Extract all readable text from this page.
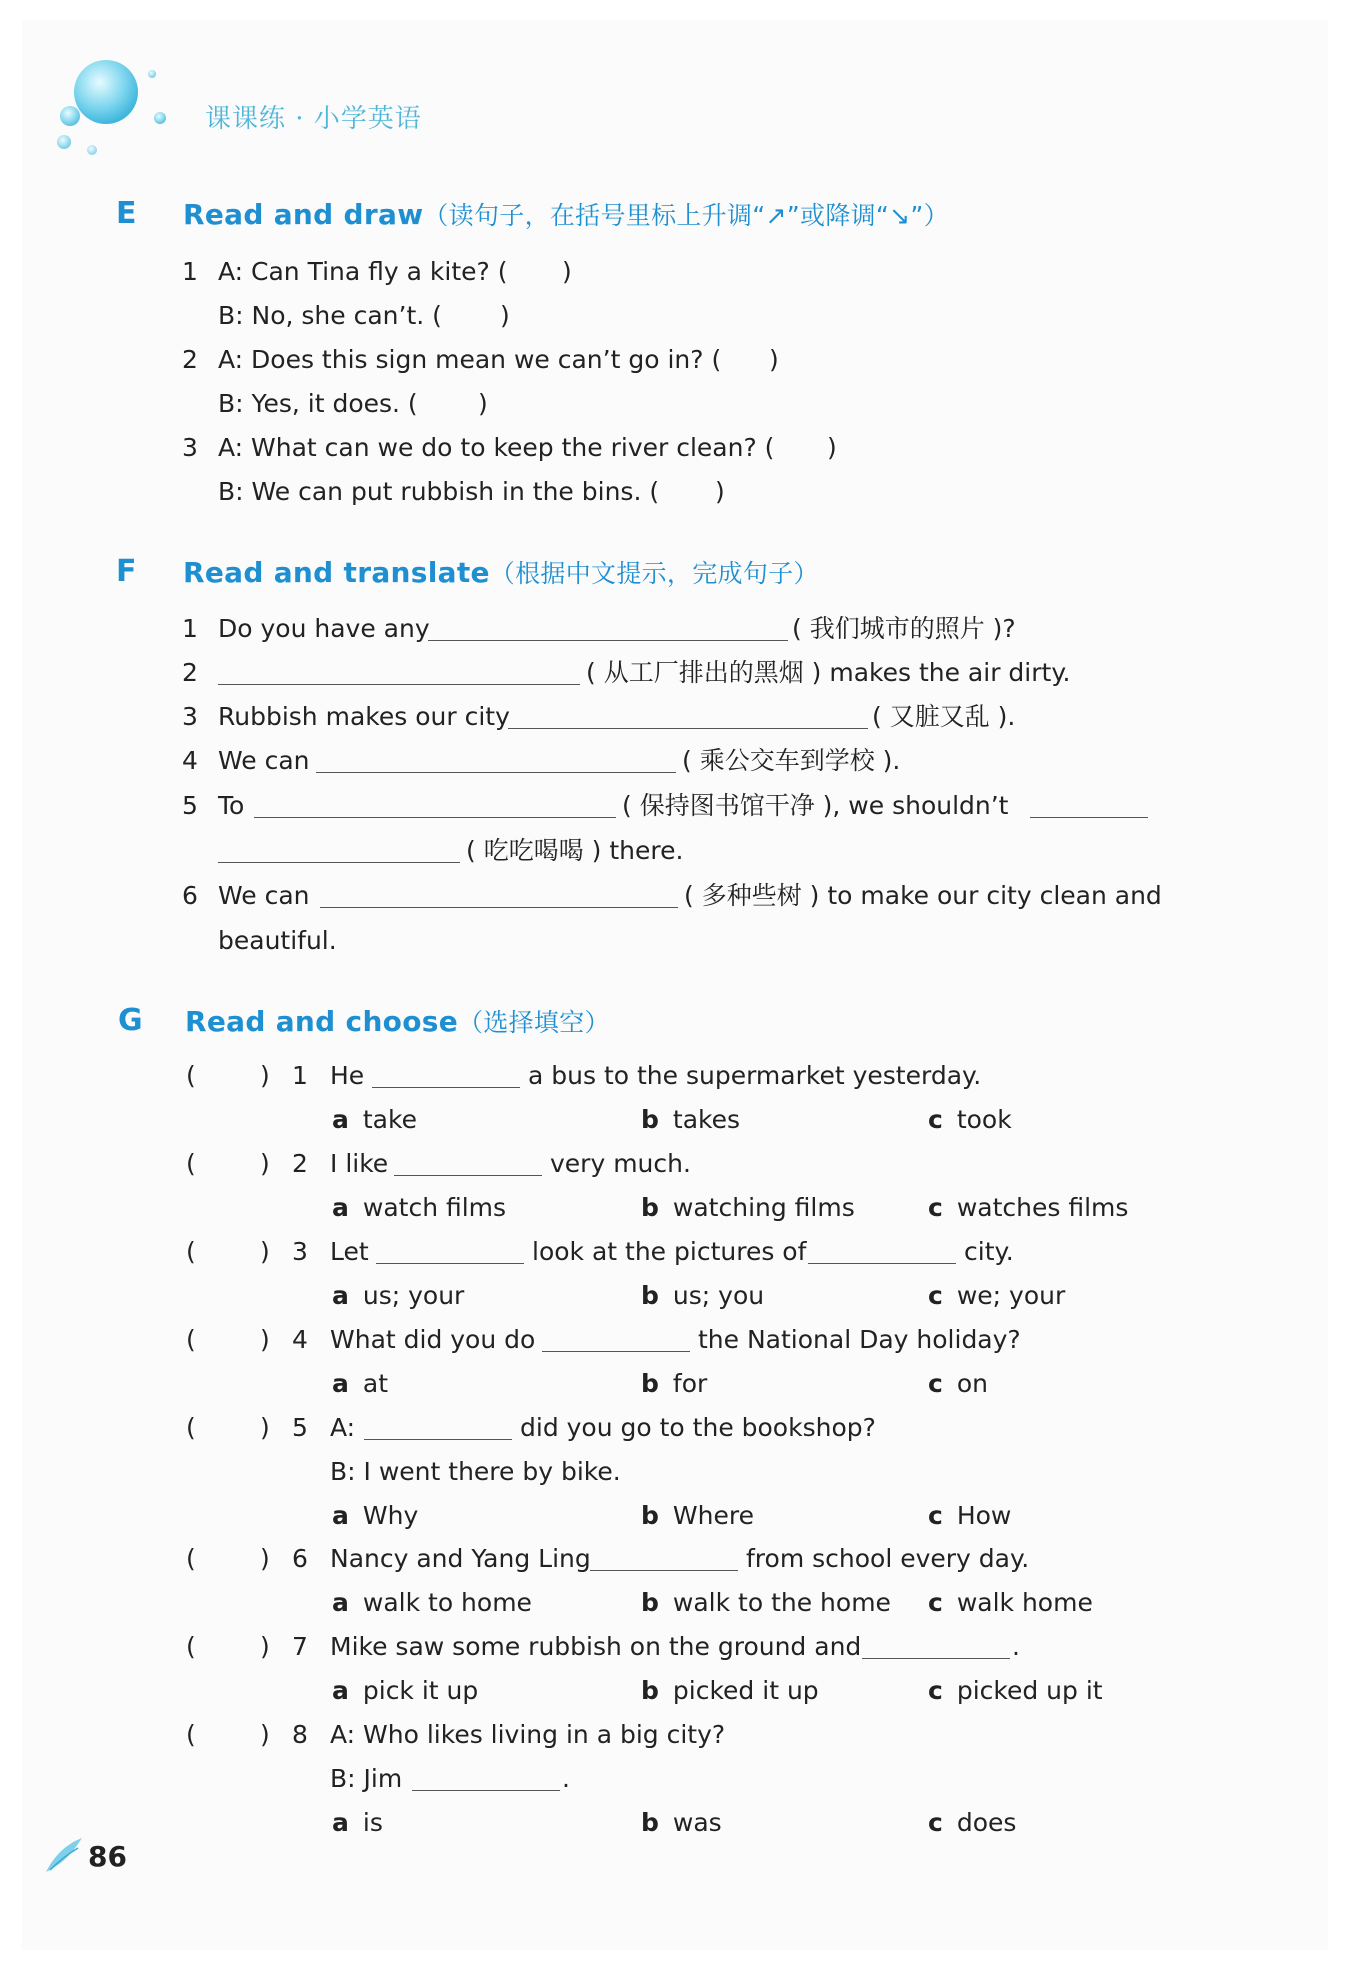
课课练 · 小学英语
E Read and draw（读句子，在括号里标上升调“↗”或降调“↘”）
1 A: Can Tina fly a kite? ( )
B: No, she can’t. ( )
2 A: Does this sign mean we can’t go in? ( )
B: Yes, it does. ( )
3 A: What can we do to keep the river clean? ( )
B: We can put rubbish in the bins. ( )
F Read and translate（根据中文提示，完成句子）
1 Do you have any	( 我们城市的照片 )?
2	( 从工厂排出的黑烟 ) makes the air dirty.
3 Rubbish makes our city	( 又脏又乱 ).
4 We can	( 乘公交车到学校 ).
5 To	( 保持图书馆干净 ), we shouldn’t
( 吃吃喝喝 ) there.
6 We can	( 多种些树 ) to make our city clean and
beautiful.
G Read and choose（选择填空）
(	) 1 He	a bus to the supermarket yesterday.
a take	b takes	c took
(	) 2 I like	very much.
a watch films	b watching films	c watches films
(	) 3 Let	look at the pictures of	city.
a us; your	b us; you	c we; your
(	) 4 What did you do	the National Day holiday?
a at	b for	c on
(	) 5 A:	did you go to the bookshop?
B: I went there by bike.
a Why	b Where	c How
(	) 6 Nancy and Yang Ling	from school every day.
a walk to home	b walk to the home c walk home
(	) 7 Mike saw some rubbish on the ground and	.
a pick it up	b picked it up	c picked up it
(	) 8 A: Who likes living in a big city?
B: Jim	.
a is	b was	c does
86
